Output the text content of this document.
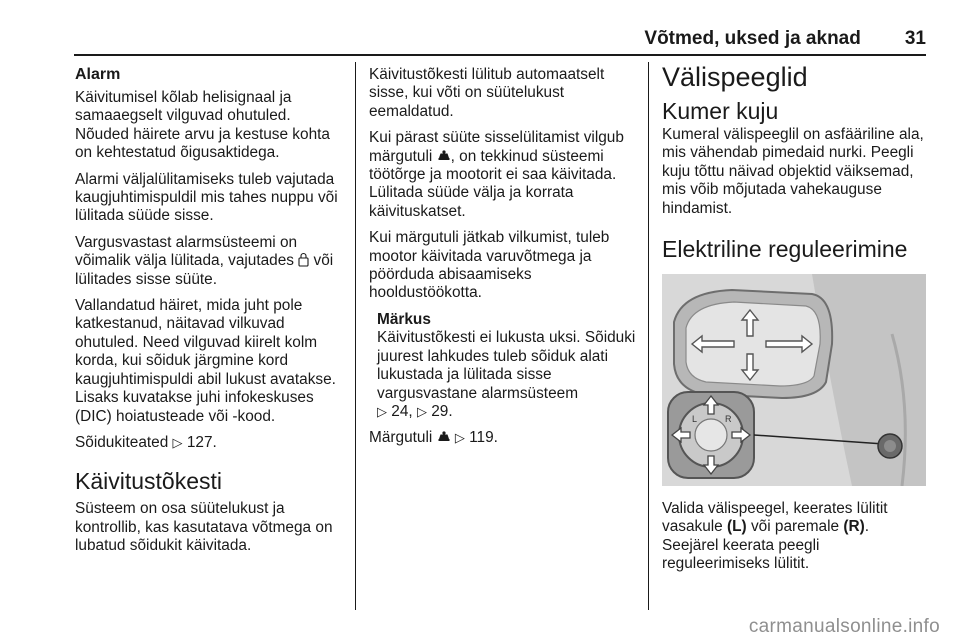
Võtmed, uksed ja aknad 31
Alarm

Käivitumisel kõlab helisignaal ja samaaegselt vilguvad ohutuled. Nõuded häirete arvu ja kestuse kohta on kehtestatud õigusaktidega.

Alarmi väljalülitamiseks tuleb vajutada kaugjuhtimispuldil mis tahes nuppu või lülitada süüde sisse.

Vargusvastast alarmsüsteemi on võimalik välja lülitada, vajutades  või lülitades sisse süüte.

Vallandatud häiret, mida juht pole katkestanud, näitavad vilkuvad ohutuled. Need vilguvad kiirelt kolm korda, kui sõiduk järgmine kord kaugjuhtimispuldi abil lukust avatakse. Lisaks kuvatakse juhi infokeskuses (DIC) hoiatusteade või -kood.

Sõidukiteated ▷ 127.

Käivitustõkesti

Süsteem on osa süütelukust ja kontrollib, kas kasutatava võtmega on lubatud sõidukit käivitada.

Käivitustõkesti lülitub automaatselt sisse, kui võti on süütelukust eemaldatud.

Kui pärast süüte sisselülitamist vilgub märgutuli , on tekkinud süsteemi töötõrge ja mootorit ei saa käivitada. Lülitada süüde välja ja korrata käivituskatset.

Kui märgutuli jätkab vilkumist, tuleb mootor käivitada varuvõtmega ja pöörduda abisaamiseks hooldustöökotta.

Märkus

Käivitustõkesti ei lukusta uksi. Sõiduki juurest lahkudes tuleb sõiduk alati lukustada ja lülitada sisse vargusvastane alarmsüsteem
▷ 24, ▷ 29.

Märgutuli  ▷ 119.

Välispeeglid
Kumer kuju

Kumeral välispeeglil on asfääriline ala, mis vähendab pimedaid nurki. Peegli kuju tõttu näivad objektid väiksemad, mis võib mõjutada vahekauguse hindamist.

Elektriline reguleerimine
L	R

Valida välispeegel, keerates lülitit vasakule (L) või paremale (R). Seejärel keerata peegli reguleerimiseks lülitit.

carmanualsonline.info
